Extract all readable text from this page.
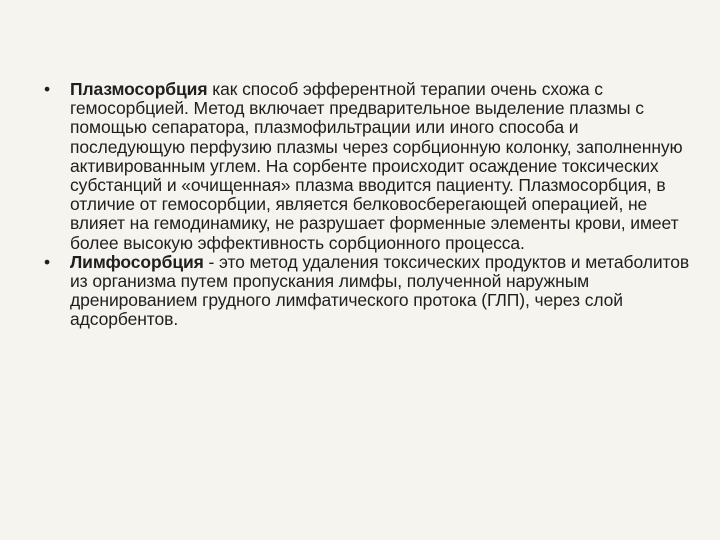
• Плазмосорбция как способ эфферентной терапии очень схожа с гемосорбцией. Метод включает предварительное выделение плазмы с помощью сепаратора, плазмофильтрации или иного способа и последующую перфузию плазмы через сорбционную колонку, заполненную активированным углем. На сорбенте происходит осаждение токсических субстанций и «очищенная» плазма вводится пациенту. Плазмосорбция, в отличие от гемосорбции, является белковосберегающей операцией, не влияет на гемодинамику, не разрушает форменные элементы крови, имеет более высокую эффективность сорбционного процесса.
• Лимфосорбция - это метод удаления токсических продуктов и метаболитов из организма путем пропускания лимфы, полученной наружным дренированием грудного лимфатического протока (ГЛП), через слой адсорбентов.
